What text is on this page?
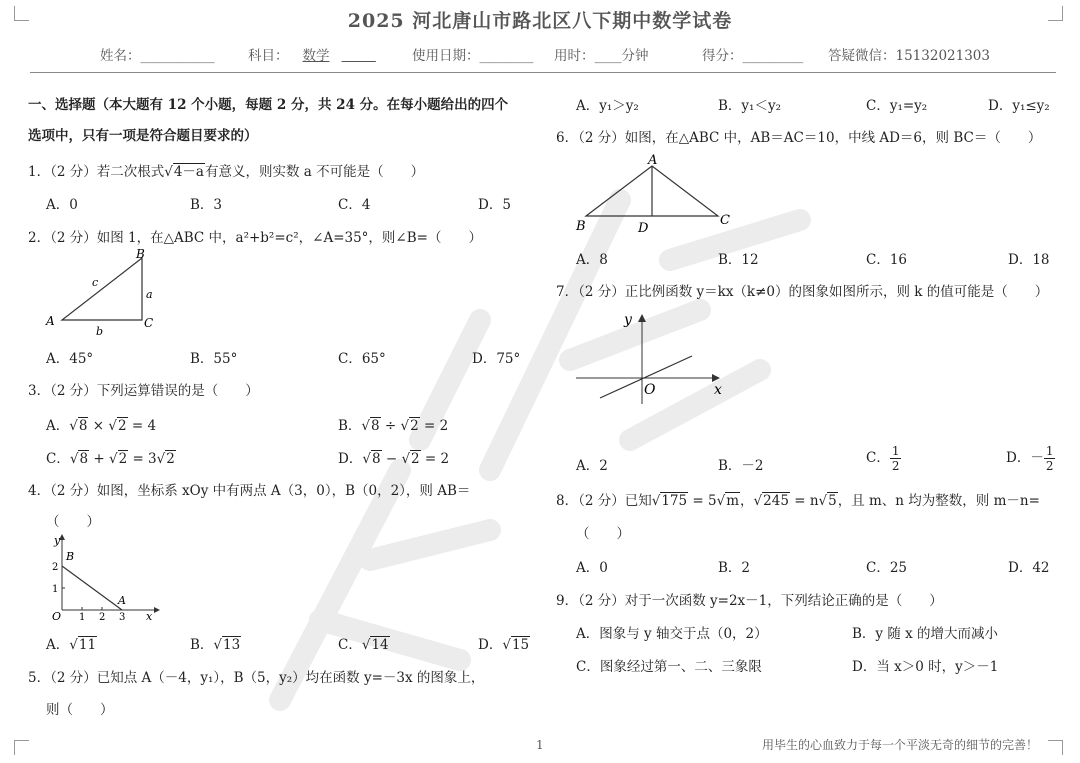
2025 河北唐山市路北区八下期中数学试卷
姓名：___________ 科目： 数学	使用日期：________ 用时：____分钟	得分：_________ 答疑微信：15132021303
一、选择题（本大题有 12 个小题，每题 2 分，共 24 分。在每小题给出的四个
选项中，只有一项是符合题目要求的）
1．（2 分）若二次根式√4－a有意义，则实数 a 不可能是（　　）
A．0	B．3	C．4	D．5
2．（2 分）如图 1，在△ABC 中，a²+b²=c²，∠A=35°，则∠B=（　　）
A
B
C
a
b
c
A．45°	B．55°	C．65°	D．75°
3．（2 分）下列运算错误的是（　　）
A．√8 × √2 = 4	B．√8 ÷ √2 = 2
C．√8 + √2 = 3√2	D．√8 − √2 = 2
4．（2 分）如图，坐标系 xOy 中有两点 A（3，0），B（0，2），则 AB＝
（　　）
y
x
O
B
A
1 2 3
1
2
A．√11	B．√13	C．√14	D．√15
5．（2 分）已知点 A（－4，y₁），B（5，y₂）均在函数 y=－3x 的图象上，
则（　　）
A．y₁＞y₂	B．y₁＜y₂	C．y₁=y₂	D．y₁≤y₂
6．（2 分）如图，在△ABC 中，AB＝AC＝10，中线 AD＝6，则 BC＝（　　）
A
B	C
D
A．8	B．12	C．16	D．18
7．（2 分）正比例函数 y＝kx（k≠0）的图象如图所示，则 k 的值可能是（　　）
y
x
O
A．2	B．－2	C． $\frac{1}{2}$	D．－ $\frac{1}{2}$
8．（2 分）已知√175 = 5√m，√245 = n√5，且 m、n 均为整数，则 m－n=
（　　）
A．0	B．2	C．25	D．42
9．（2 分）对于一次函数 y=2x－1，下列结论正确的是（　　）
A．图象与 y 轴交于点（0，2）	B．y 随 x 的增大而减小
C．图象经过第一、二、三象限	D．当 x＞0 时，y＞－1
1	用毕生的心血致力于每一个平淡无奇的细节的完善！
